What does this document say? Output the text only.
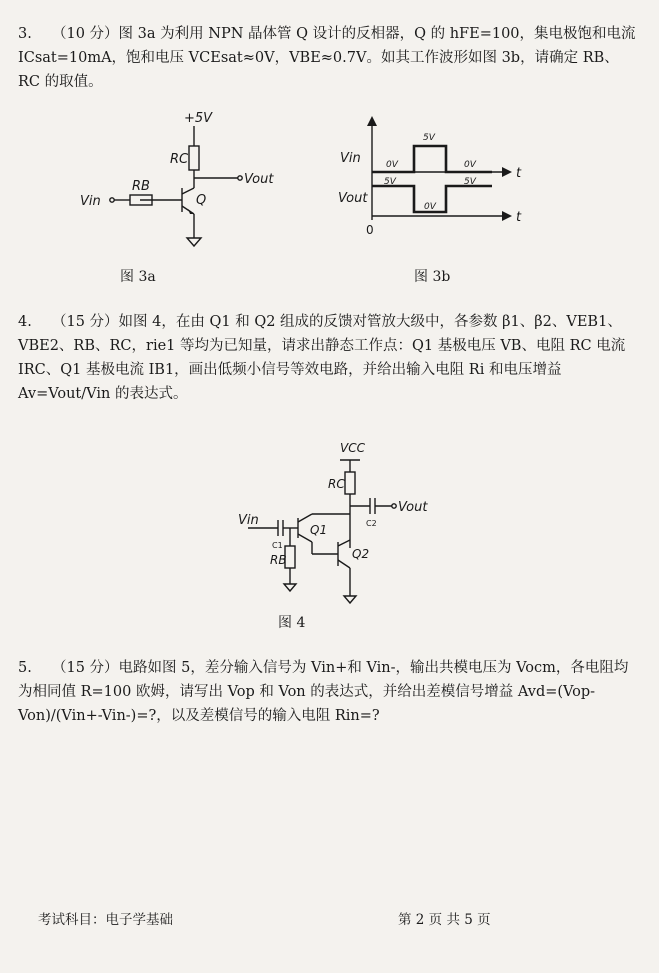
3. （10 分）图 3a 为利用 NPN 晶体管 Q 设计的反相器，Q 的 hFE=100，集电极饱和电流 ICsat=10mA，饱和电压 VCEsat≈0V，VBE≈0.7V。如其工作波形如图 3b，请确定 RB、RC 的取值。
+5V
RC
Vout
RB
Vin	Q
图 3a
Vin
Vout
t
t
0
0V
5V
0V
5V
0V
5V
图 3b
4. （15 分）如图 4，在由 Q1 和 Q2 组成的反馈对管放大级中，各参数 β1、β2、VEB1、VBE2、RB、RC，rie1 等均为已知量，请求出静态工作点：Q1 基极电压 VB、电阻 RC 电流 IRC、Q1 基极电流 IB1，画出低频小信号等效电路，并给出输入电阻 Ri 和电压增益 Av=Vout/Vin 的表达式。
VCC
RC
C2
Vout
Vin
C1
Q1
RB	Q2
图 4
5. （15 分）电路如图 5，差分输入信号为 Vin+和 Vin-，输出共模电压为 Vocm，各电阻均为相同值 R=100 欧姆，请写出 Vop 和 Von 的表达式，并给出差模信号增益 Avd=(Vop-Von)/(Vin+-Vin-)=?，以及差模信号的输入电阻 Rin=?
考试科目：电子学基础	第 2 页 共 5 页
